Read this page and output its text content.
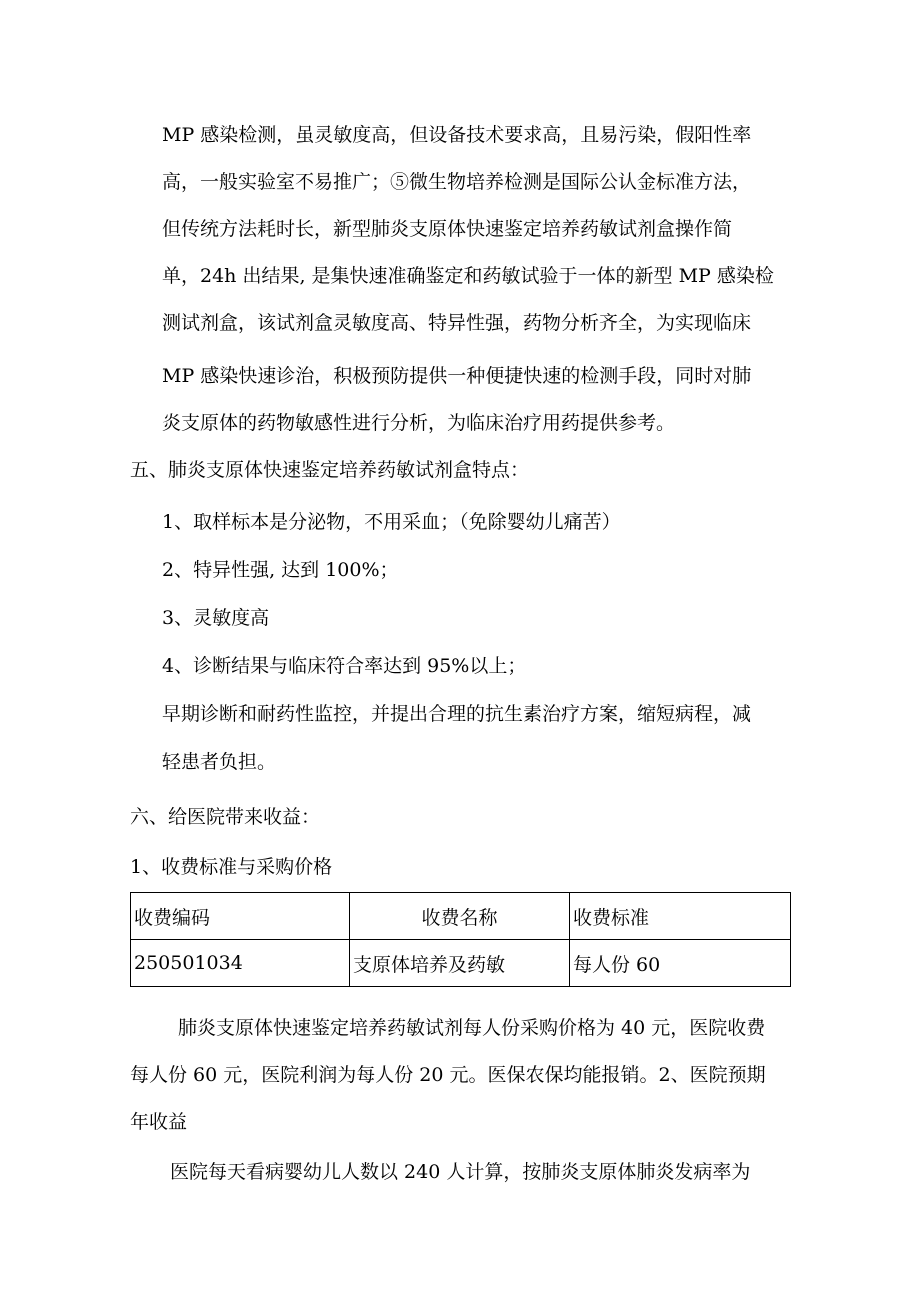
MP 感染检测，虽灵敏度高，但设备技术要求高，且易污染，假阳性率

高，一般实验室不易推广；⑤微生物培养检测是国际公认金标准方法，

但传统方法耗时长，新型肺炎支原体快速鉴定培养药敏试剂盒操作简

单，24h 出结果, 是集快速准确鉴定和药敏试验于一体的新型 MP 感染检

测试剂盒，该试剂盒灵敏度高、特异性强，药物分析齐全，为实现临床

MP 感染快速诊治，积极预防提供一种便捷快速的检测手段，同时对肺

炎支原体的药物敏感性进行分析，为临床治疗用药提供参考。

五、肺炎支原体快速鉴定培养药敏试剂盒特点：

1、取样标本是分泌物，不用采血；（免除婴幼儿痛苦）

2、特异性强, 达到 100%；

3、灵敏度高

4、诊断结果与临床符合率达到 95%以上；

早期诊断和耐药性监控，并提出合理的抗生素治疗方案，缩短病程，减

轻患者负担。

六、给医院带来收益：

1、收费标准与采购价格

收费编码	收费名称	收费标准
250501034	支原体培养及药敏	每人份 60

肺炎支原体快速鉴定培养药敏试剂每人份采购价格为 40 元，医院收费

每人份 60 元，医院利润为每人份 20 元。医保农保均能报销。2、医院预期

年收益

医院每天看病婴幼儿人数以 240 人计算，按肺炎支原体肺炎发病率为
